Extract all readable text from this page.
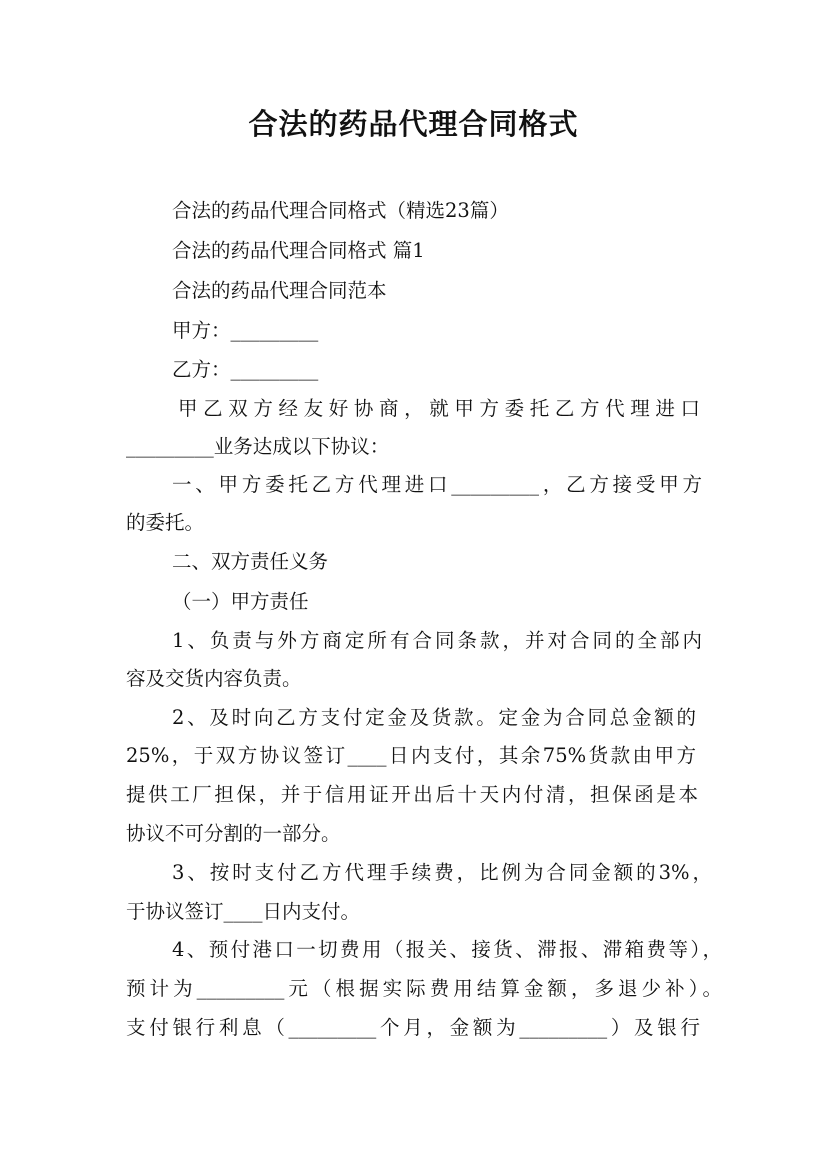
合法的药品代理合同格式
合法的药品代理合同格式（精选23篇）
合法的药品代理合同格式 篇1
合法的药品代理合同范本
甲方：_________
乙方：_________
甲乙双方经友好协商，就甲方委托乙方代理进口
_________业务达成以下协议：
一、甲方委托乙方代理进口_________，乙方接受甲方
的委托。
二、双方责任义务
（一）甲方责任
1、负责与外方商定所有合同条款，并对合同的全部内
容及交货内容负责。
2、及时向乙方支付定金及货款。定金为合同总金额的
25%，于双方协议签订____日内支付，其余75%货款由甲方
提供工厂担保，并于信用证开出后十天内付清，担保函是本
协议不可分割的一部分。
3、按时支付乙方代理手续费，比例为合同金额的3%，
于协议签订____日内支付。
4、预付港口一切费用（报关、接货、滞报、滞箱费等），
预计为_________元（根据实际费用结算金额，多退少补）。
支付银行利息（_________个月，金额为_________）及银行
